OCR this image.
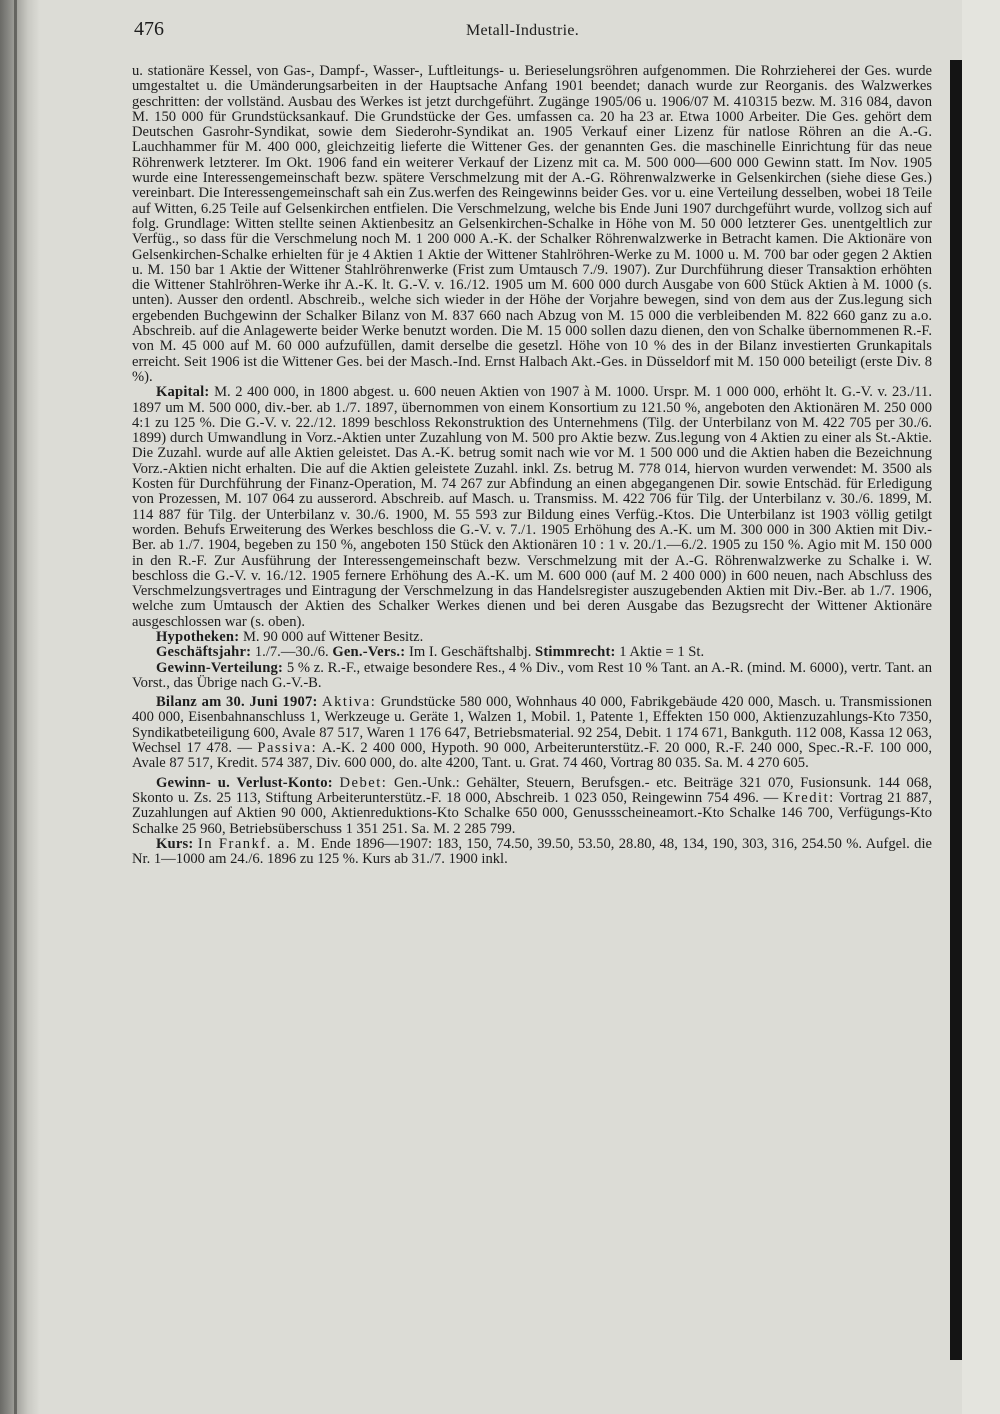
476	Metall-Industrie.

u. stationäre Kessel, von Gas-, Dampf-, Wasser-, Luftleitungs- u. Berieselungsröhren aufgenommen. Die Rohrzieherei der Ges. wurde umgestaltet u. die Umänderungsarbeiten in der Hauptsache Anfang 1901 beendet; danach wurde zur Reorganis. des Walzwerkes geschritten: der vollständ. Ausbau des Werkes ist jetzt durchgeführt. Zugänge 1905/06 u. 1906/07 M. 410315 bezw. M. 316 084, davon M. 150 000 für Grundstücksankauf. Die Grundstücke der Ges. umfassen ca. 20 ha 23 ar. Etwa 1000 Arbeiter. Die Ges. gehört dem Deutschen Gasrohr-Syndikat, sowie dem Siederohr-Syndikat an. 1905 Verkauf einer Lizenz für natlose Röhren an die A.-G. Lauchhammer für M. 400 000, gleichzeitig lieferte die Wittener Ges. der genannten Ges. die maschinelle Einrichtung für das neue Röhrenwerk letzterer. Im Okt. 1906 fand ein weiterer Verkauf der Lizenz mit ca. M. 500 000—600 000 Gewinn statt. Im Nov. 1905 wurde eine Interessengemeinschaft bezw. spätere Verschmelzung mit der A.-G. Röhrenwalzwerke in Gelsenkirchen (siehe diese Ges.) vereinbart. Die Interessengemeinschaft sah ein Zus.werfen des Reingewinns beider Ges. vor u. eine Verteilung desselben, wobei 18 Teile auf Witten, 6.25 Teile auf Gelsenkirchen entfielen. Die Verschmelzung, welche bis Ende Juni 1907 durchgeführt wurde, vollzog sich auf folg. Grundlage: Witten stellte seinen Aktienbesitz an Gelsenkirchen-Schalke in Höhe von M. 50 000 letzterer Ges. unentgeltlich zur Verfüg., so dass für die Verschmelung noch M. 1 200 000 A.-K. der Schalker Röhrenwalzwerke in Betracht kamen. Die Aktionäre von Gelsenkirchen-Schalke erhielten für je 4 Aktien 1 Aktie der Wittener Stahlröhren-Werke zu M. 1000 u. M. 700 bar oder gegen 2 Aktien u. M. 150 bar 1 Aktie der Wittener Stahlröhrenwerke (Frist zum Umtausch 7./9. 1907). Zur Durchführung dieser Transaktion erhöhten die Wittener Stahlröhren-Werke ihr A.-K. lt. G.-V. v. 16./12. 1905 um M. 600 000 durch Ausgabe von 600 Stück Aktien à M. 1000 (s. unten). Ausser den ordentl. Abschreib., welche sich wieder in der Höhe der Vorjahre bewegen, sind von dem aus der Zus.legung sich ergebenden Buchgewinn der Schalker Bilanz von M. 837 660 nach Abzug von M. 15 000 die verbleibenden M. 822 660 ganz zu a.o. Abschreib. auf die Anlagewerte beider Werke benutzt worden. Die M. 15 000 sollen dazu dienen, den von Schalke übernommenen R.-F. von M. 45 000 auf M. 60 000 aufzufüllen, damit derselbe die gesetzl. Höhe von 10 % des in der Bilanz investierten Grunkapitals erreicht. Seit 1906 ist die Wittener Ges. bei der Masch.-Ind. Ernst Halbach Akt.-Ges. in Düsseldorf mit M. 150 000 beteiligt (erste Div. 8 %).

Kapital: M. 2 400 000, in 1800 abgest. u. 600 neuen Aktien von 1907 à M. 1000. Urspr. M. 1 000 000, erhöht lt. G.-V. v. 23./11. 1897 um M. 500 000, div.-ber. ab 1./7. 1897, übernommen von einem Konsortium zu 121.50 %, angeboten den Aktionären M. 250 000 4:1 zu 125 %. Die G.-V. v. 22./12. 1899 beschloss Rekonstruktion des Unternehmens (Tilg. der Unterbilanz von M. 422 705 per 30./6. 1899) durch Umwandlung in Vorz.-Aktien unter Zuzahlung von M. 500 pro Aktie bezw. Zus.legung von 4 Aktien zu einer als St.-Aktie. Die Zuzahl. wurde auf alle Aktien geleistet. Das A.-K. betrug somit nach wie vor M. 1 500 000 und die Aktien haben die Bezeichnung Vorz.-Aktien nicht erhalten. Die auf die Aktien geleistete Zuzahl. inkl. Zs. betrug M. 778 014, hiervon wurden verwendet: M. 3500 als Kosten für Durchführung der Finanz-Operation, M. 74 267 zur Abfindung an einen abgegangenen Dir. sowie Entschäd. für Erledigung von Prozessen, M. 107 064 zu ausserord. Abschreib. auf Masch. u. Transmiss. M. 422 706 für Tilg. der Unterbilanz v. 30./6. 1899, M. 114 887 für Tilg. der Unterbilanz v. 30./6. 1900, M. 55 593 zur Bildung eines Verfüg.-Ktos. Die Unterbilanz ist 1903 völlig getilgt worden. Behufs Erweiterung des Werkes beschloss die G.-V. v. 7./1. 1905 Erhöhung des A.-K. um M. 300 000 in 300 Aktien mit Div.-Ber. ab 1./7. 1904, begeben zu 150 %, angeboten 150 Stück den Aktionären 10 : 1 v. 20./1.—6./2. 1905 zu 150 %. Agio mit M. 150 000 in den R.-F. Zur Ausführung der Interessengemeinschaft bezw. Verschmelzung mit der A.-G. Röhrenwalzwerke zu Schalke i. W. beschloss die G.-V. v. 16./12. 1905 fernere Erhöhung des A.-K. um M. 600 000 (auf M. 2 400 000) in 600 neuen, nach Abschluss des Verschmelzungsvertrages und Eintragung der Verschmelzung in das Handelsregister auszugebenden Aktien mit Div.-Ber. ab 1./7. 1906, welche zum Umtausch der Aktien des Schalker Werkes dienen und bei deren Ausgabe das Bezugsrecht der Wittener Aktionäre ausgeschlossen war (s. oben).

Hypotheken: M. 90 000 auf Wittener Besitz.

Geschäftsjahr: 1./7.—30./6. Gen.-Vers.: Im I. Geschäftshalbj. Stimmrecht: 1 Aktie = 1 St.

Gewinn-Verteilung: 5 % z. R.-F., etwaige besondere Res., 4 % Div., vom Rest 10 % Tant. an A.-R. (mind. M. 6000), vertr. Tant. an Vorst., das Übrige nach G.-V.-B.

Bilanz am 30. Juni 1907: Aktiva: Grundstücke 580 000, Wohnhaus 40 000, Fabrikgebäude 420 000, Masch. u. Transmissionen 400 000, Eisenbahnanschluss 1, Werkzeuge u. Geräte 1, Walzen 1, Mobil. 1, Patente 1, Effekten 150 000, Aktienzuzahlungs-Kto 7350, Syndikatbeteiligung 600, Avale 87 517, Waren 1 176 647, Betriebsmaterial. 92 254, Debit. 1 174 671, Bankguth. 112 008, Kassa 12 063, Wechsel 17 478. — Passiva: A.-K. 2 400 000, Hypoth. 90 000, Arbeiterunterstütz.-F. 20 000, R.-F. 240 000, Spec.-R.-F. 100 000, Avale 87 517, Kredit. 574 387, Div. 600 000, do. alte 4200, Tant. u. Grat. 74 460, Vortrag 80 035. Sa. M. 4 270 605.

Gewinn- u. Verlust-Konto: Debet: Gen.-Unk.: Gehälter, Steuern, Berufsgen.- etc. Beiträge 321 070, Fusionsunk. 144 068, Skonto u. Zs. 25 113, Stiftung Arbeiterunterstütz.-F. 18 000, Abschreib. 1 023 050, Reingewinn 754 496. — Kredit: Vortrag 21 887, Zuzahlungen auf Aktien 90 000, Aktienreduktions-Kto Schalke 650 000, Genussscheineamort.-Kto Schalke 146 700, Verfügungs-Kto Schalke 25 960, Betriebsüberschuss 1 351 251. Sa. M. 2 285 799.

Kurs: In Frankf. a. M. Ende 1896—1907: 183, 150, 74.50, 39.50, 53.50, 28.80, 48, 134, 190, 303, 316, 254.50 %. Aufgel. die Nr. 1—1000 am 24./6. 1896 zu 125 %. Kurs ab 31./7. 1900 inkl.
